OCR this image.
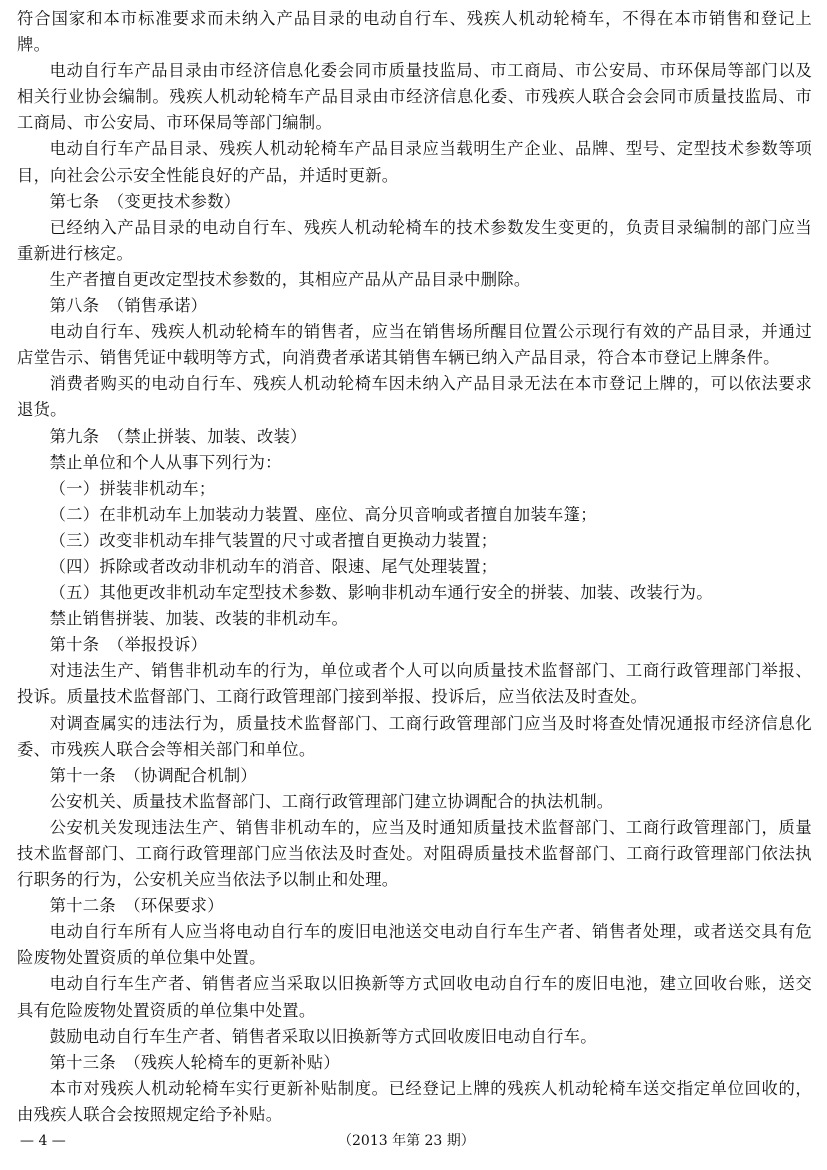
符合国家和本市标准要求而未纳入产品目录的电动自行车、残疾人机动轮椅车，不得在本市销售和登记上牌。

电动自行车产品目录由市经济信息化委会同市质量技监局、市工商局、市公安局、市环保局等部门以及相关行业协会编制。残疾人机动轮椅车产品目录由市经济信息化委、市残疾人联合会会同市质量技监局、市工商局、市公安局、市环保局等部门编制。

电动自行车产品目录、残疾人机动轮椅车产品目录应当载明生产企业、品牌、型号、定型技术参数等项目，向社会公示安全性能良好的产品，并适时更新。

第七条　（变更技术参数）

已经纳入产品目录的电动自行车、残疾人机动轮椅车的技术参数发生变更的，负责目录编制的部门应当重新进行核定。

生产者擅自更改定型技术参数的，其相应产品从产品目录中删除。

第八条　（销售承诺）

电动自行车、残疾人机动轮椅车的销售者，应当在销售场所醒目位置公示现行有效的产品目录，并通过店堂告示、销售凭证中载明等方式，向消费者承诺其销售车辆已纳入产品目录，符合本市登记上牌条件。

消费者购买的电动自行车、残疾人机动轮椅车因未纳入产品目录无法在本市登记上牌的，可以依法要求退货。

第九条　（禁止拼装、加装、改装）

禁止单位和个人从事下列行为：

（一）拼装非机动车；

（二）在非机动车上加装动力装置、座位、高分贝音响或者擅自加装车篷；

（三）改变非机动车排气装置的尺寸或者擅自更换动力装置；

（四）拆除或者改动非机动车的消音、限速、尾气处理装置；

（五）其他更改非机动车定型技术参数、影响非机动车通行安全的拼装、加装、改装行为。

禁止销售拼装、加装、改装的非机动车。

第十条　（举报投诉）

对违法生产、销售非机动车的行为，单位或者个人可以向质量技术监督部门、工商行政管理部门举报、投诉。质量技术监督部门、工商行政管理部门接到举报、投诉后，应当依法及时查处。

对调查属实的违法行为，质量技术监督部门、工商行政管理部门应当及时将查处情况通报市经济信息化委、市残疾人联合会等相关部门和单位。

第十一条　（协调配合机制）

公安机关、质量技术监督部门、工商行政管理部门建立协调配合的执法机制。

公安机关发现违法生产、销售非机动车的，应当及时通知质量技术监督部门、工商行政管理部门，质量技术监督部门、工商行政管理部门应当依法及时查处。对阻碍质量技术监督部门、工商行政管理部门依法执行职务的行为，公安机关应当依法予以制止和处理。

第十二条　（环保要求）

电动自行车所有人应当将电动自行车的废旧电池送交电动自行车生产者、销售者处理，或者送交具有危险废物处置资质的单位集中处置。

电动自行车生产者、销售者应当采取以旧换新等方式回收电动自行车的废旧电池，建立回收台账，送交具有危险废物处置资质的单位集中处置。

鼓励电动自行车生产者、销售者采取以旧换新等方式回收废旧电动自行车。

第十三条　（残疾人轮椅车的更新补贴）

本市对残疾人机动轮椅车实行更新补贴制度。已经登记上牌的残疾人机动轮椅车送交指定单位回收的，由残疾人联合会按照规定给予补贴。

— 4 —	（2013 年第 23 期）
